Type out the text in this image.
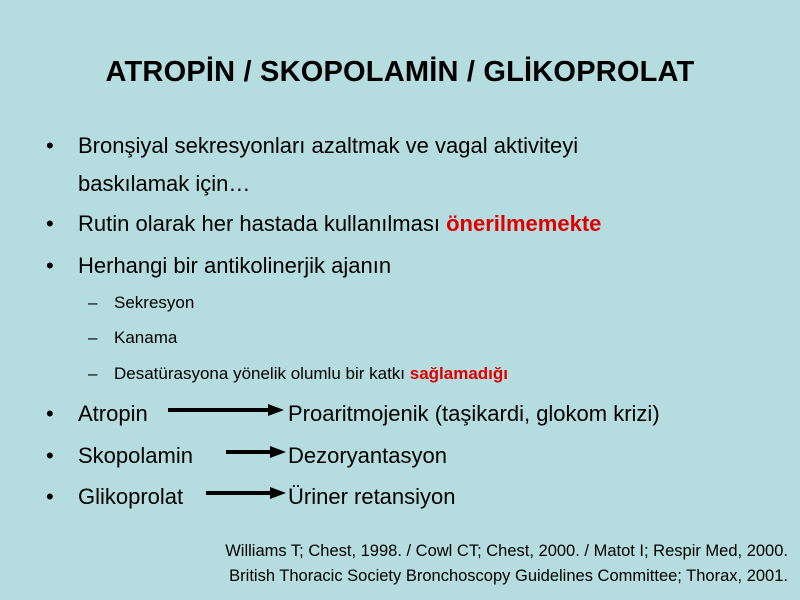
ATROPİN / SKOPOLAMİN / GLİKOPROLAT
• Bronşiyal sekresyonları azaltmak ve vagal aktiviteyi
baskılamak için…
• Rutin olarak her hastada kullanılması önerilmemekte
• Herhangi bir antikolinerjik ajanın
– Sekresyon
– Kanama
– Desatürasyona yönelik olumlu bir katkı sağlamadığı
• Atropin	Proaritmojenik (taşikardi, glokom krizi)
• Skopolamin	Dezoryantasyon
• Glikoprolat	Üriner retansiyon
Williams T; Chest, 1998. / Cowl CT; Chest, 2000. / Matot I; Respir Med, 2000.
British Thoracic Society Bronchoscopy Guidelines Committee; Thorax, 2001.
